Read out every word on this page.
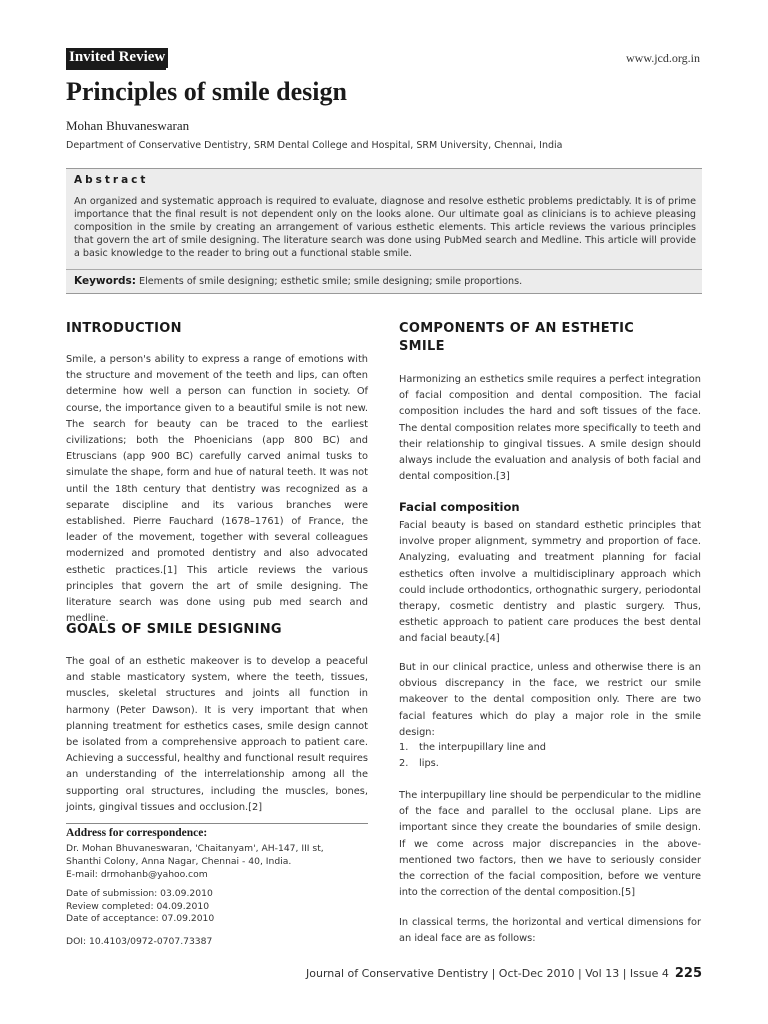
Invited Review	www.jcd.org.in
Principles of smile design
Mohan Bhuvaneswaran
Department of Conservative Dentistry, SRM Dental College and Hospital, SRM University, Chennai, India
Abstract

An organized and systematic approach is required to evaluate, diagnose and resolve esthetic problems predictably. It is of prime importance that the final result is not dependent only on the looks alone. Our ultimate goal as clinicians is to achieve pleasing composition in the smile by creating an arrangement of various esthetic elements. This article reviews the various principles that govern the art of smile designing. The literature search was done using PubMed search and Medline. This article will provide a basic knowledge to the reader to bring out a functional stable smile.

Keywords: Elements of smile designing; esthetic smile; smile designing; smile proportions.
INTRODUCTION

Smile, a person's ability to express a range of emotions with the structure and movement of the teeth and lips, can often determine how well a person can function in society. Of course, the importance given to a beautiful smile is not new. The search for beauty can be traced to the earliest civilizations; both the Phoenicians (app 800 BC) and Etruscians (app 900 BC) carefully carved animal tusks to simulate the shape, form and hue of natural teeth. It was not until the 18th century that dentistry was recognized as a separate discipline and its various branches were established. Pierre Fauchard (1678–1761) of France, the leader of the movement, together with several colleagues modernized and promoted dentistry and also advocated esthetic practices.[1] This article reviews the various principles that govern the art of smile designing. The literature search was done using pub med search and medline.

GOALS OF SMILE DESIGNING

The goal of an esthetic makeover is to develop a peaceful and stable masticatory system, where the teeth, tissues, muscles, skeletal structures and joints all function in harmony (Peter Dawson). It is very important that when planning treatment for esthetics cases, smile design cannot be isolated from a comprehensive approach to patient care. Achieving a successful, healthy and functional result requires an understanding of the interrelationship among all the supporting oral structures, including the muscles, bones, joints, gingival tissues and occlusion.[2]

Address for correspondence:
Dr. Mohan Bhuvaneswaran, 'Chaitanyam', AH-147, III st,
Shanthi Colony, Anna Nagar, Chennai - 40, India.
E-mail: drmohanb@yahoo.com
Date of submission: 03.09.2010
Review completed: 04.09.2010
Date of acceptance: 07.09.2010
DOI: 10.4103/0972-0707.73387
COMPONENTS OF AN ESTHETIC SMILE

Harmonizing an esthetics smile requires a perfect integration of facial composition and dental composition. The facial composition includes the hard and soft tissues of the face. The dental composition relates more specifically to teeth and their relationship to gingival tissues. A smile design should always include the evaluation and analysis of both facial and dental composition.[3]

Facial composition

Facial beauty is based on standard esthetic principles that involve proper alignment, symmetry and proportion of face. Analyzing, evaluating and treatment planning for facial esthetics often involve a multidisciplinary approach which could include orthodontics, orthognathic surgery, periodontal therapy, cosmetic dentistry and plastic surgery. Thus, esthetic approach to patient care produces the best dental and facial beauty.[4]

But in our clinical practice, unless and otherwise there is an obvious discrepancy in the face, we restrict our smile makeover to the dental composition only. There are two facial features which do play a major role in the smile design:

1. the interpupillary line and
2. lips.

The interpupillary line should be perpendicular to the midline of the face and parallel to the occlusal plane. Lips are important since they create the boundaries of smile design. If we come across major discrepancies in the above-mentioned two factors, then we have to seriously consider the correction of the facial composition, before we venture into the correction of the dental composition.[5]

In classical terms, the horizontal and vertical dimensions for an ideal face are as follows:

Journal of Conservative Dentistry | Oct-Dec 2010 | Vol 13 | Issue 4 225
